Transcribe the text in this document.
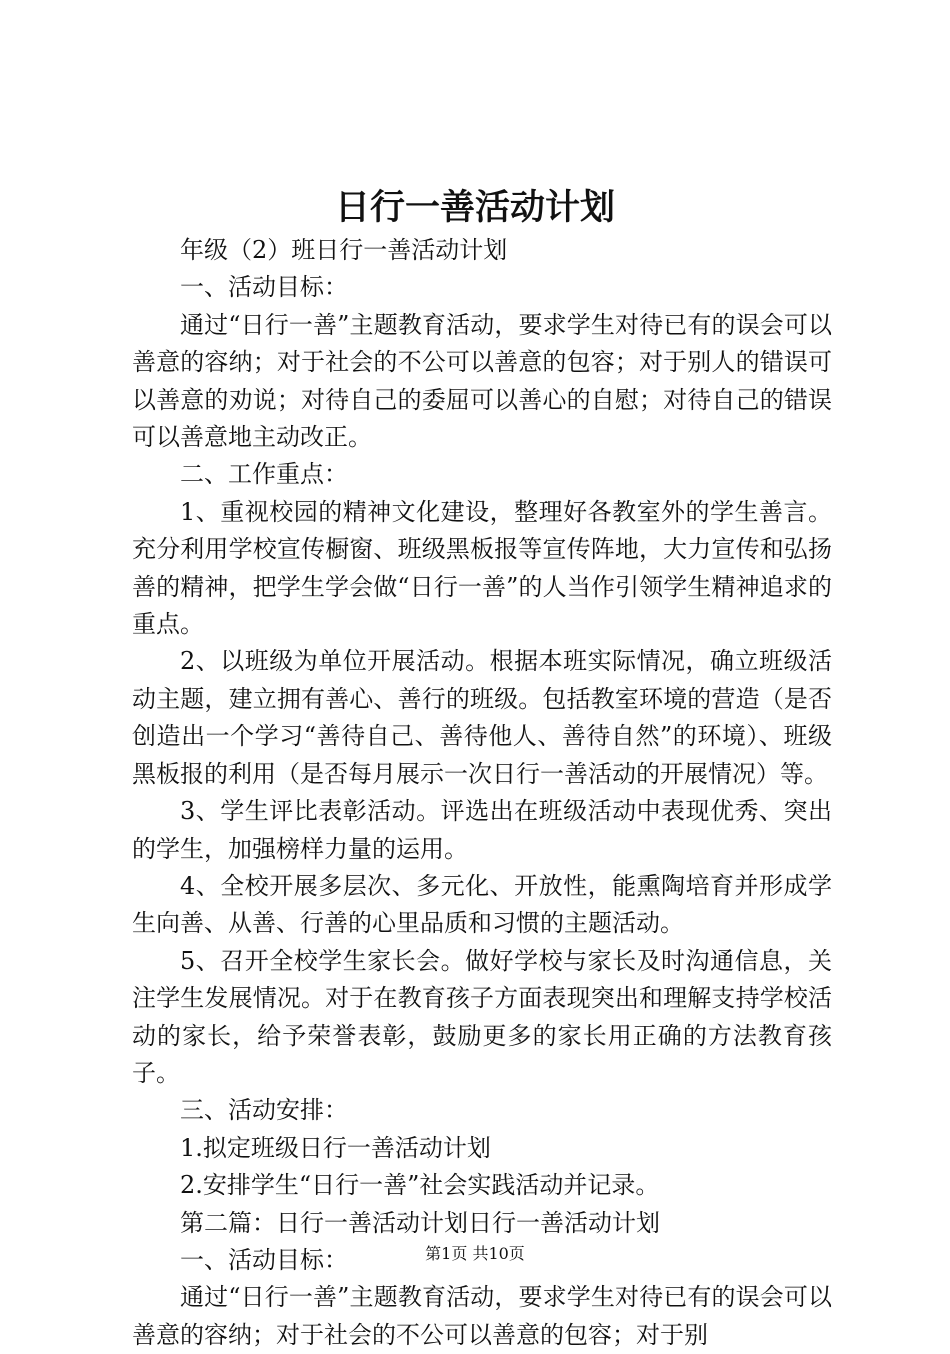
日行一善活动计划

年级（2）班日行一善活动计划

一、活动目标：

通过“日行一善”主题教育活动，要求学生对待已有的误会可以善意的容纳；对于社会的不公可以善意的包容；对于别人的错误可以善意的劝说；对待自己的委屈可以善心的自慰；对待自己的错误可以善意地主动改正。

二、工作重点：

1、重视校园的精神文化建设，整理好各教室外的学生善言。充分利用学校宣传橱窗、班级黑板报等宣传阵地，大力宣传和弘扬善的精神，把学生学会做“日行一善”的人当作引领学生精神追求的重点。

2、以班级为单位开展活动。根据本班实际情况，确立班级活动主题，建立拥有善心、善行的班级。包括教室环境的营造（是否创造出一个学习“善待自己、善待他人、善待自然”的环境）、班级黑板报的利用（是否每月展示一次日行一善活动的开展情况）等。

3、学生评比表彰活动。评选出在班级活动中表现优秀、突出的学生，加强榜样力量的运用。

4、全校开展多层次、多元化、开放性，能熏陶培育并形成学生向善、从善、行善的心里品质和习惯的主题活动。

5、召开全校学生家长会。做好学校与家长及时沟通信息，关注学生发展情况。对于在教育孩子方面表现突出和理解支持学校活动的家长，给予荣誉表彰，鼓励更多的家长用正确的方法教育孩子。

三、活动安排：

1.拟定班级日行一善活动计划

2.安排学生“日行一善”社会实践活动并记录。

第二篇：日行一善活动计划日行一善活动计划

一、活动目标：

通过“日行一善”主题教育活动，要求学生对待已有的误会可以善意的容纳；对于社会的不公可以善意的包容；对于别

第1页 共10页
